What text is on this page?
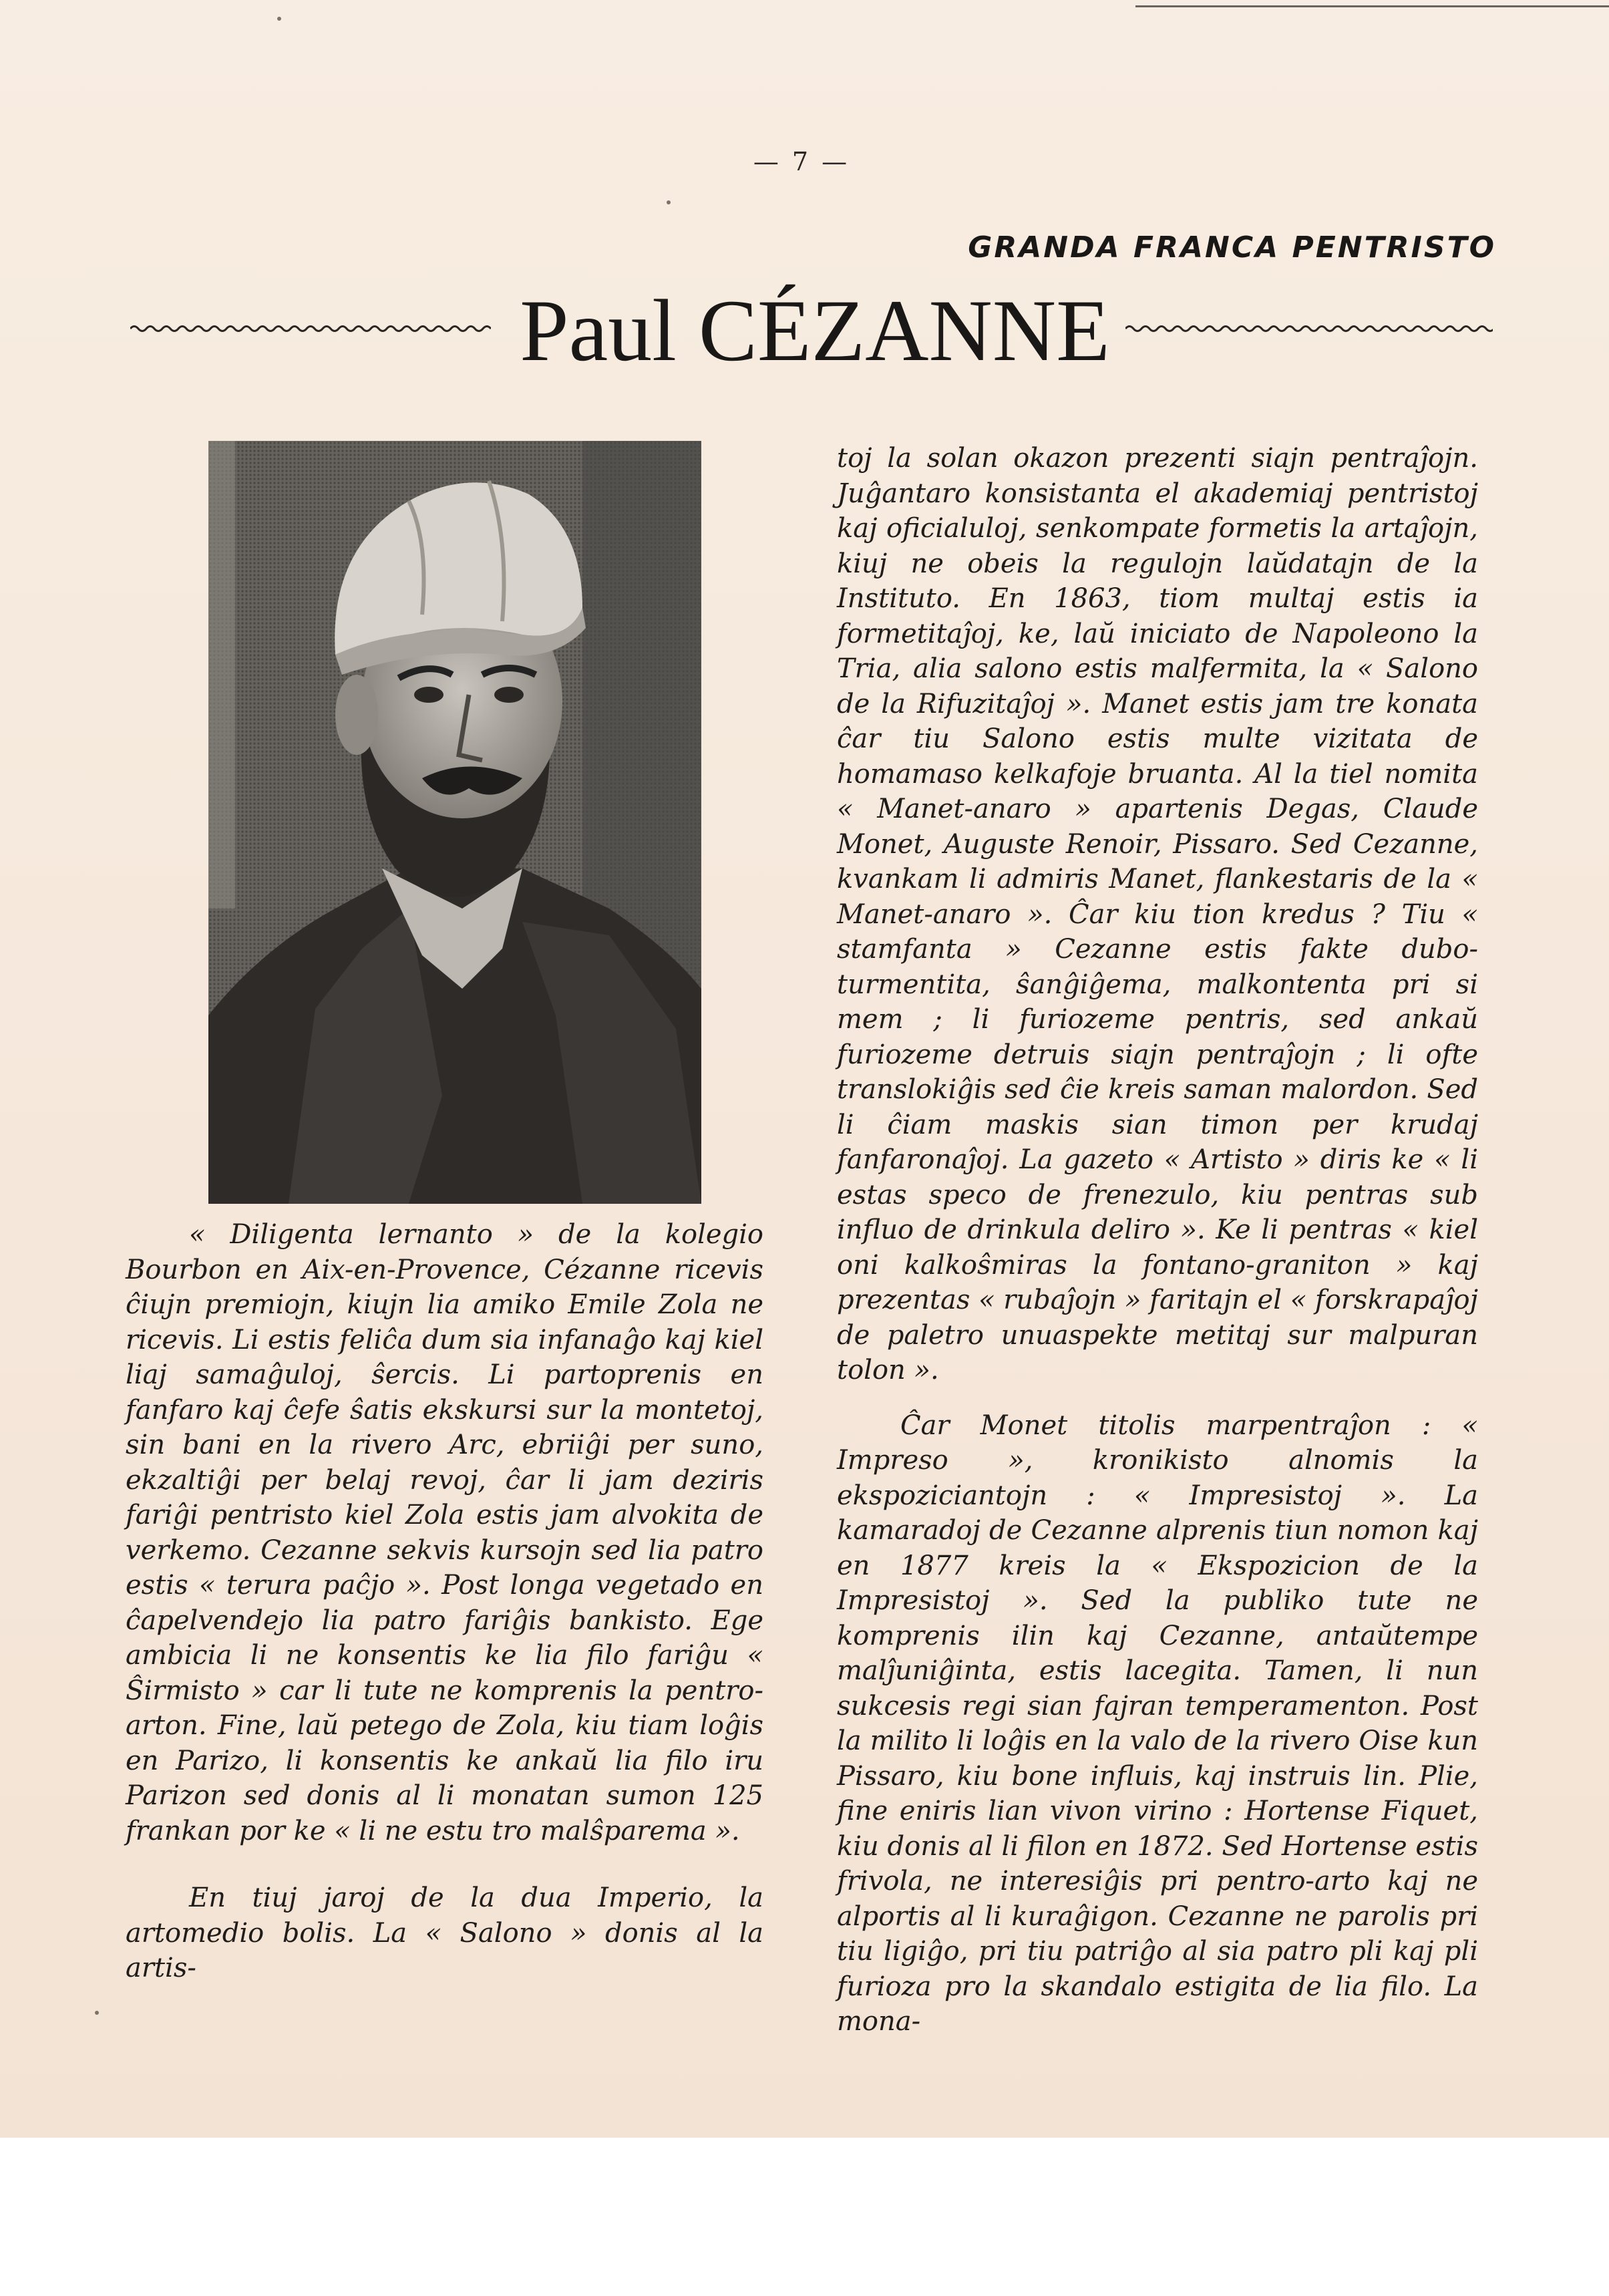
— 7 —
GRANDA FRANCA PENTRISTO
Paul CÉZANNE

« Diligenta lernanto » de la kolegio Bourbon en Aix-en-Provence, Cézanne ricevis ĉiujn premiojn, kiujn lia amiko Emile Zola ne ricevis. Li estis feliĉa dum sia infanaĝo kaj kiel liaj samaĝuloj, ŝercis. Li partoprenis en fanfaro kaj ĉefe ŝatis ekskursi sur la montetoj, sin bani en la rivero Arc, ebriiĝi per suno, ekzaltiĝi per belaj revoj, ĉar li jam deziris fariĝi pentristo kiel Zola estis jam alvokita de verkemo. Cezanne sekvis kursojn sed lia patro estis « terura paĉjo ». Post longa vegetado en ĉapelvendejo lia patro fariĝis bankisto. Ege ambicia li ne konsentis ke lia filo fariĝu « Ŝirmisto » car li tute ne komprenis la pentro-arton. Fine, laŭ petego de Zola, kiu tiam loĝis en Parizo, li konsentis ke ankaŭ lia filo iru Parizon sed donis al li monatan sumon 125 frankan por ke « li ne estu tro malŝparema ».

En tiuj jaroj de la dua Imperio, la artomedio bolis. La « Salono » donis al la artis-

toj la solan okazon prezenti siajn pentraĵojn. Juĝantaro konsistanta el akademiaj pentristoj kaj oficialuloj, senkompate formetis la artaĵojn, kiuj ne obeis la regulojn laŭdatajn de la Instituto. En 1863, tiom multaj estis ia formetitaĵoj, ke, laŭ iniciato de Napoleono la Tria, alia salono estis malfermita, la « Salono de la Rifuzitaĵoj ». Manet estis jam tre konata ĉar tiu Salono estis multe vizitata de homamaso kelkafoje bruanta. Al la tiel nomita « Manet-anaro » apartenis Degas, Claude Monet, Auguste Renoir, Pissaro. Sed Cezanne, kvankam li admiris Manet, flankestaris de la « Manet-anaro ». Ĉar kiu tion kredus ? Tiu « stamfanta » Cezanne estis fakte dubo-turmentita, ŝanĝiĝema, malkontenta pri si mem ; li furiozeme pentris, sed ankaŭ furiozeme detruis siajn pentraĵojn ; li ofte translokiĝis sed ĉie kreis saman malordon. Sed li ĉiam maskis sian timon per krudaj fanfaronaĵoj. La gazeto « Artisto » diris ke « li estas speco de frenezulo, kiu pentras sub influo de drinkula deliro ». Ke li pentras « kiel oni kalkoŝmiras la fontano-graniton » kaj prezentas « rubaĵojn » faritajn el « forskrapaĵoj de paletro unuaspekte metitaj sur malpuran tolon ».

Ĉar Monet titolis marpentraĵon : « Impreso », kronikisto alnomis la ekspoziciantojn : « Impresistoj ». La kamaradoj de Cezanne alprenis tiun nomon kaj en 1877 kreis la « Ekspozicion de la Impresistoj ». Sed la publiko tute ne komprenis ilin kaj Cezanne, antaŭtempe malĵuniĝinta, estis lacegita. Tamen, li nun sukcesis regi sian fajran temperamenton. Post la milito li loĝis en la valo de la rivero Oise kun Pissaro, kiu bone influis, kaj instruis lin. Plie, fine eniris lian vivon virino : Hortense Fiquet, kiu donis al li filon en 1872. Sed Hortense estis frivola, ne interesiĝis pri pentro-arto kaj ne alportis al li kuraĝigon. Cezanne ne parolis pri tiu ligiĝo, pri tiu patriĝo al sia patro pli kaj pli furioza pro la skandalo estigita de lia filo. La mona-
